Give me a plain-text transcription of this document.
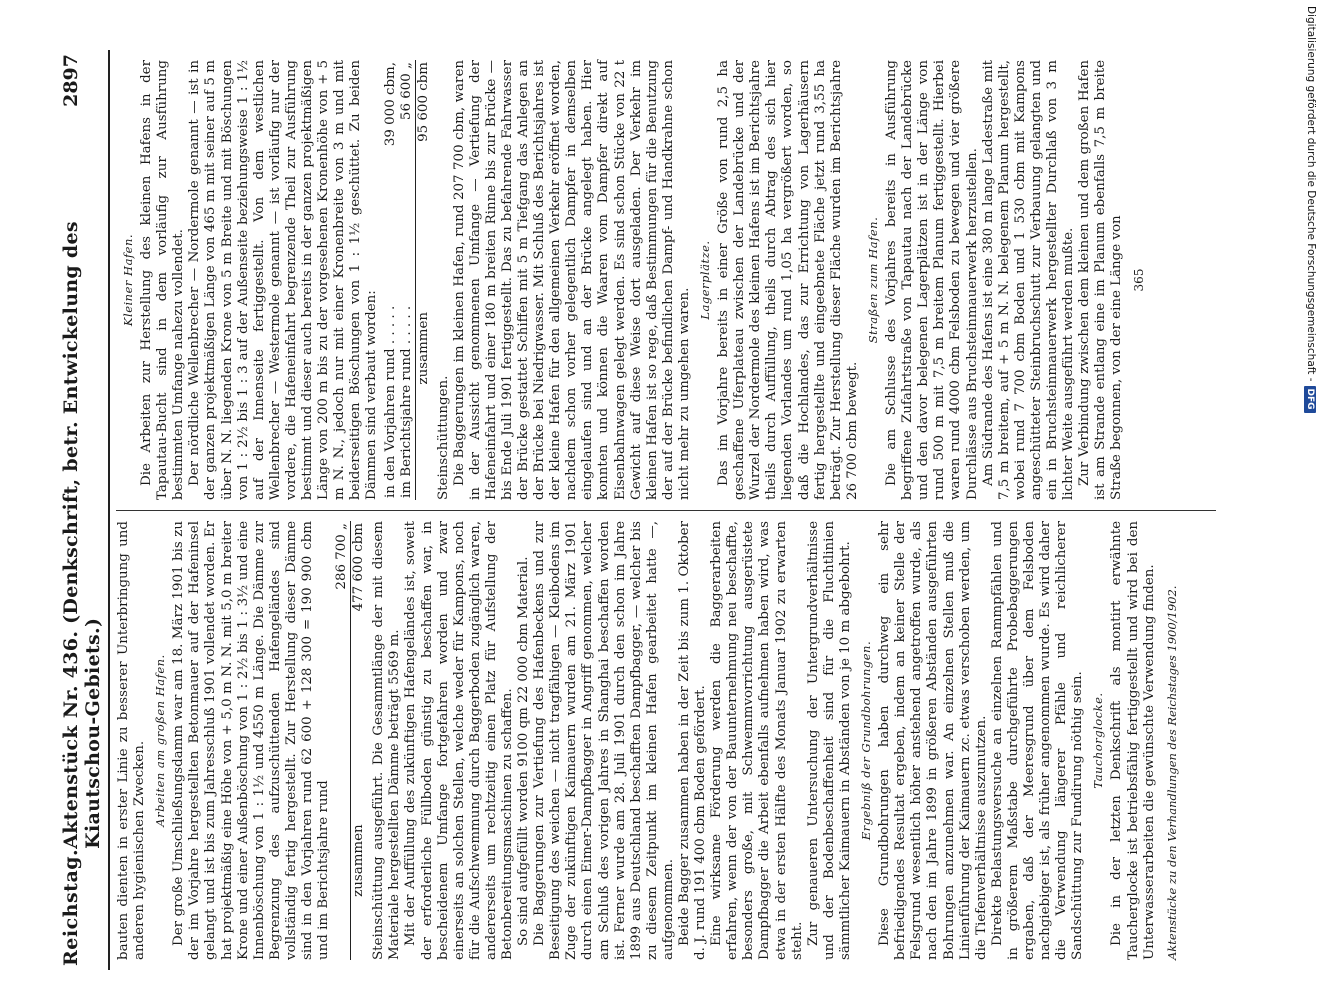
Reichstag.
Aktenstück Nr. 436. (Denkschrift, betr. Entwickelung des Kiautschou-Gebiets.)
2897

bauten dienten in erster Linie zu besserer Unterbringung und anderen hygienischen Zwecken.

Arbeiten am großen Hafen. Der große Umschließungsdamm war am 18. März 1901 bis zu der im Vorjahre hergestellten Betonmauer auf der Hafeninsel gelangt und ist bis zum Jahresschluß 1901 vollendet worden. Er hat projektmäßig eine Höhe von + 5,0 m N. N. mit 5,0 m breiter Krone und einer Außenböschung von 1 : 2½ bis 1 : 3½ und eine Innenböschung von 1 : 1½ und 4550 m Länge. Die Dämme zur Begrenzung des aufzuschüttenden Hafengeländes sind vollständig fertig hergestellt. Zur Herstellung dieser Dämme sind in den Vorjahren rund 62 600 + 128 300 = 190 900 cbm und im Berichtsjahre rund

	286 700 „
zusammen	477 600 cbm Steinschüttung ausgeführt. Die Gesammtlänge der mit diesem Materiale hergestellten Dämme beträgt 5569 m. Mit der Auffüllung des zukünftigen Hafengeländes ist, soweit der erforderliche Füllboden günstig zu beschaffen war, in bescheidenem Umfange fortgefahren worden und zwar einerseits an solchen Stellen, welche weder für Kampons, noch für die Aufschwemmung durch Baggerboden zugänglich waren, andererseits um rechtzeitig einen Platz für Aufstellung der Betonbereitungsmaschinen zu schaffen. So sind aufgefüllt worden 9100 qm 22 000 cbm Material. Die Baggerungen zur Vertiefung des Hafenbeckens und zur Beseitigung des weichen — nicht tragfähigen — Kleibodens im Zuge der zukünftigen Kaimauern wurden am 21. März 1901 durch einen Eimer-Dampfbagger in Angriff genommen, welcher am Schluß des vorigen Jahres in Shanghai beschaffen worden ist. Ferner wurde am 28. Juli 1901 durch den schon im Jahre 1899 aus Deutschland beschafften Dampfbagger, — welcher bis zu diesem Zeitpunkt im kleinen Hafen gearbeitet hatte —, aufgenommen. Beide Bagger zusammen haben in der Zeit bis zum 1. Oktober d. J. rund 191 400 cbm Boden gefördert. Eine wirksame Förderung werden die Baggerarbeiten erfahren, wenn der von der Bauunternehmung neu beschaffte, besonders große, mit Schwemmvorrichtung ausgerüstete Dampfbagger die Arbeit ebenfalls aufnehmen haben wird, was etwa in der ersten Hälfte des Monats Januar 1902 zu erwarten steht. Zur genaueren Untersuchung der Untergrundverhältnisse und der Bodenbeschaffenheit sind für die Fluchtlinien sämmtlicher Kaimauern in Abständen von je 10 m abgebohrt. Ergebniß der Grundbohrungen. Diese Grundbohrungen haben durchweg ein sehr befriedigendes Resultat ergeben, indem an keiner Stelle der Felsgrund wesentlich höher anstehend angetroffen wurde, als nach den im Jahre 1899 in größeren Abständen ausgeführten Bohrungen anzunehmen war. An einzelnen Stellen muß die Linienführung der Kaimauern zc. etwas verschoben werden, um die Tiefenverhältnisse auszunutzen. Direkte Belastungsversuche an einzelnen Rammpfählen und in größerem Maßstabe durchgeführte Probebaggerungen ergaben, daß der Meeresgrund über dem Felsboden nachgiebiger ist, als früher angenommen wurde. Es wird daher die Verwendung längerer Pfähle und reichlicherer Sandschüttung zur Fundirung nöthig sein. Tauchorglocke. Die in der letzten Denkschrift als montirt erwähnte Taucherglocke ist betriebsfähig fertiggestellt und wird bei den Unterwasserarbeiten die gewünschte Verwendung finden. Aktenstücke zu den Verhandlungen des Reichstages 1900/1902.
Kleiner Hafen. Die Arbeiten zur Herstellung des kleinen Hafens in der Tapautau-Bucht sind in dem vorläufig zur Ausführung bestimmten Umfange nahezu vollendet. Der nördliche Wellenbrecher — Nordermole genannt — ist in der ganzen projektmäßigen Länge von 465 m mit seiner auf 5 m über N. N. liegenden Krone von 5 m Breite und mit Böschungen von 1 : 2½ bis 1 : 3 auf der Außenseite beziehungsweise 1 : 1½ auf der Innenseite fertiggestellt. Von dem westlichen Wellenbrecher — Westermole genannt — ist vorläufig nur der vordere, die Hafeneinfahrt begrenzende Theil zur Ausführung bestimmt und dieser auch bereits in der ganzen projektmäßigen Länge von 200 m bis zu der vorgesehenen Kronenhöhe von + 5 m N. N., jedoch nur mit einer Kronenbreite von 3 m und mit beiderseitigen Böschungen von 1 : 1½ geschüttet. Zu beiden Dämmen sind verbaut worden: in den Vorjahren rund . . . . .	39 000 cbm,
im Berichtsjahre rund . . . . .	56 600 „
zusammen	95 600 cbm

Steinschüttungen. Die Baggerungen im kleinen Hafen, rund 207 700 cbm, waren in der Aussicht genommenen Umfange — Vertiefung der Hafeneinfahrt und einer 180 m breiten Rinne bis zur Brücke — bis Ende Juli 1901 fertiggestellt. Das zu befahrende Fahrwasser der Brücke gestattet Schiffen mit 5 m Tiefgang das Anlegen an der Brücke bei Niedrigwasser. Mit Schluß des Berichtsjahres ist der kleine Hafen für den allgemeinen Verkehr eröffnet worden, nachdem schon vorher gelegentlich Dampfer in demselben eingelaufen sind und an der Brücke angelegt haben. Hier konnten und können die Waaren vom Dampfer direkt auf Eisenbahnwagen gelegt werden. Es sind schon Stücke von 22 t Gewicht auf diese Weise dort ausgeladen. Der Verkehr im kleinen Hafen ist so rege, daß Bestimmungen für die Benutzung der auf der Brücke befindlichen Dampf- und Handkrahne schon nicht mehr zu umgehen waren.

Lagerplätze. Das im Vorjahre bereits in einer Größe von rund 2,5 ha geschaffene Uferplateau zwischen der Landebrücke und der Wurzel der Nordermole des kleinen Hafens ist im Berichtsjahre theils durch Auffüllung, theils durch Abtrag des sich hier liegenden Vorlandes um rund 1,05 ha vergrößert worden, so daß die Hochlandes, das zur Errichtung von Lagerhäusern fertig hergestellte und eingeebnete Fläche jetzt rund 3,55 ha beträgt. Zur Herstellung dieser Fläche wurden im Berichtsjahre 26 700 cbm bewegt.

Straßen zum Hafen. Die am Schlusse des Vorjahres bereits in Ausführung begriffene Zufahrtstraße von Tapautau nach der Landebrücke und den davor belegenen Lagerplätzen ist in der Länge von rund 500 m mit 7,5 m breitem Planum fertiggestellt. Hierbei waren rund 4000 cbm Felsboden zu bewegen und vier größere Durchlässe aus Bruchsteinmauerwerk herzustellen. Am Südrande des Hafens ist eine 380 m lange Ladestraße mit 7,5 m breitem, auf + 5 m N. N. belegenem Planum hergestellt, wobei rund 7 700 cbm Boden und 1 530 cbm mit Kampons angeschütteter Steinbruchschutt zur Verbauung gelangten und ein in Bruchsteinmauerwerk hergestellter Durchlaß von 3 m lichter Weite ausgeführt werden mußte. Zur Verbindung zwischen dem kleinen und dem großen Hafen ist am Strande entlang eine im Planum ebenfalls 7,5 m breite Straße begonnen, von der eine Länge von 365	Digitalisierung gefördert durch die Deutsche Forschungsgemeinschaft -DFG
